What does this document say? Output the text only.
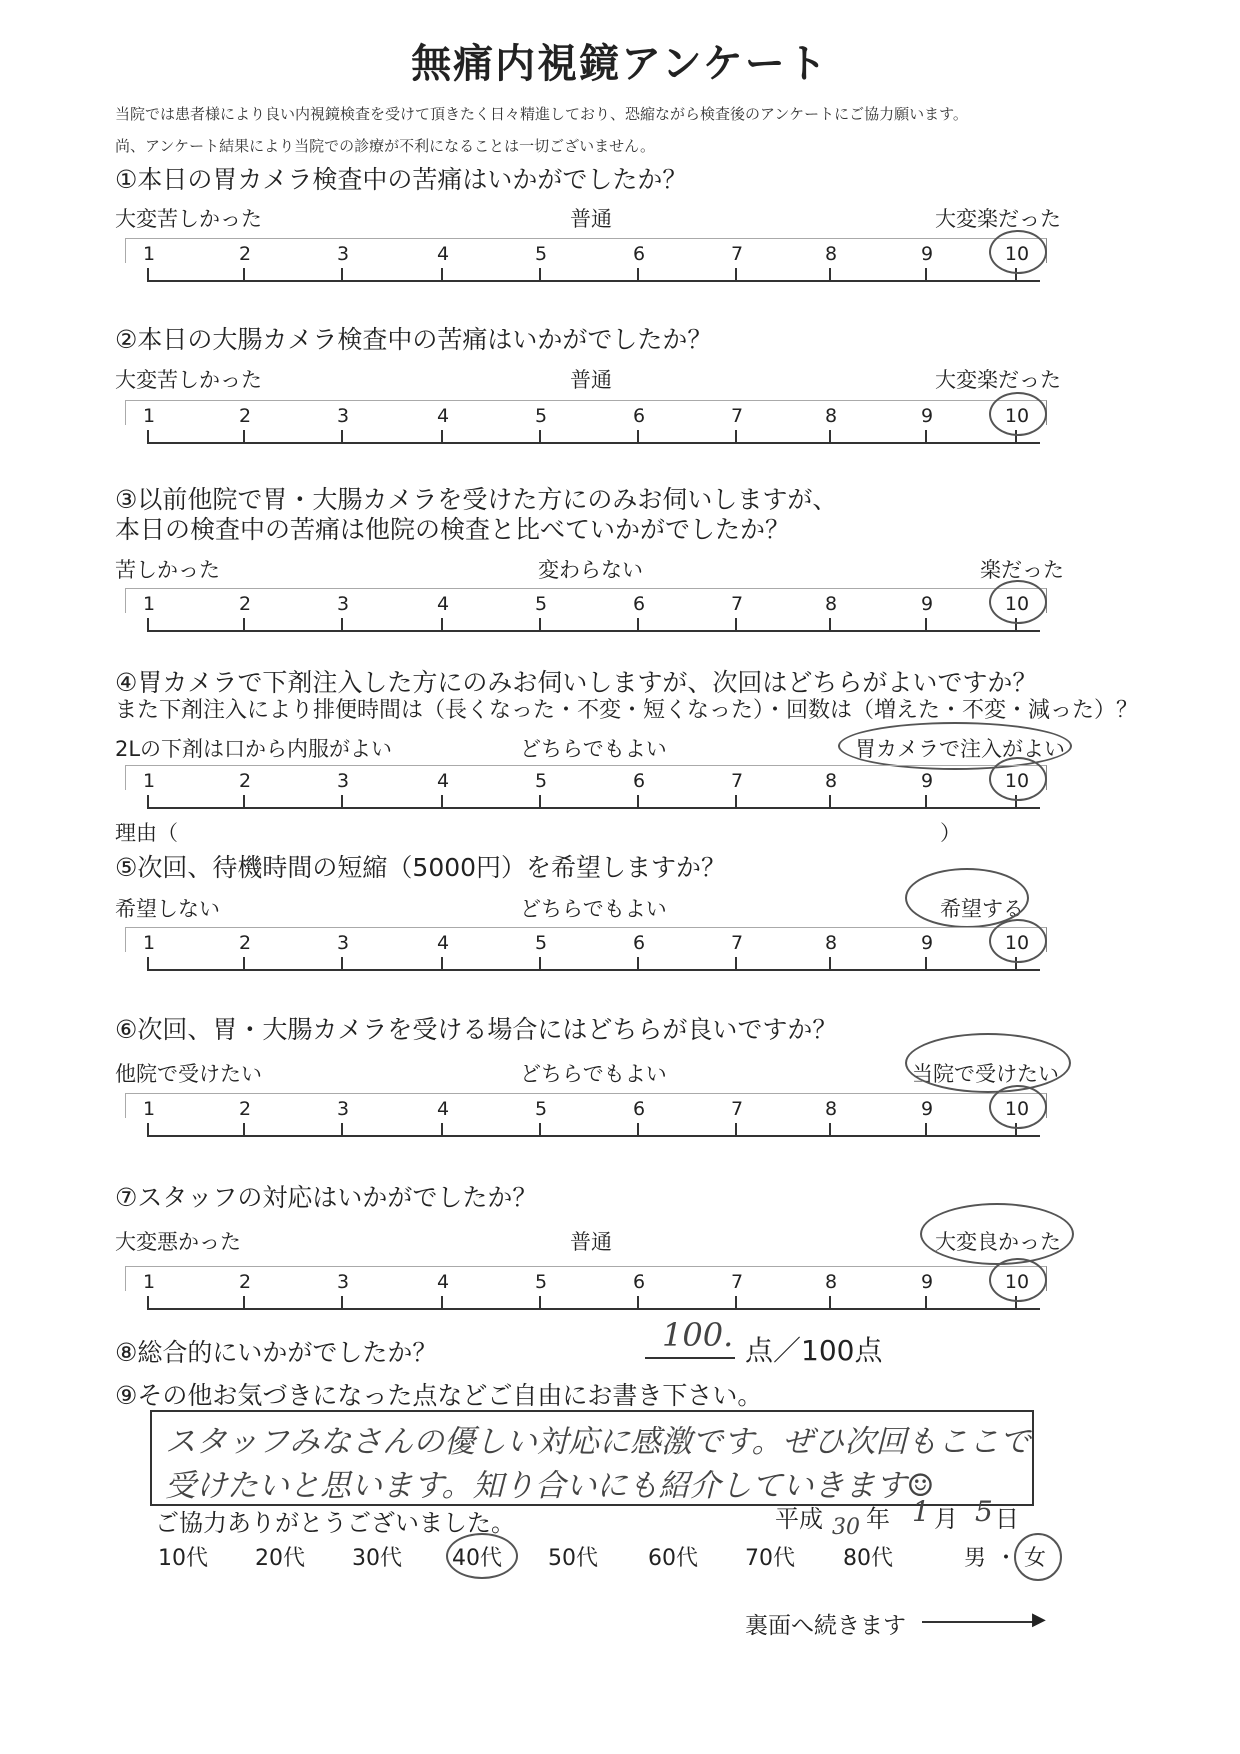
無痛内視鏡アンケート
当院では患者様により良い内視鏡検査を受けて頂きたく日々精進しており、恐縮ながら検査後のアンケートにご協力願います。
尚、アンケート結果により当院での診療が不利になることは一切ございません。
①本日の胃カメラ検査中の苦痛はいかがでしたか？
大変苦しかった	普通	大変楽だった
1	2	3	4	5	6	7	8	9	10
②本日の大腸カメラ検査中の苦痛はいかがでしたか？
大変苦しかった	普通	大変楽だった
1	2	3	4	5	6	7	8	9	10
③以前他院で胃・大腸カメラを受けた方にのみお伺いしますが、
本日の検査中の苦痛は他院の検査と比べていかがでしたか？
苦しかった	変わらない	楽だった
1	2	3	4	5	6	7	8	9	10
④胃カメラで下剤注入した方にのみお伺いしますが、次回はどちらがよいですか？
また下剤注入により排便時間は（長くなった・不変・短くなった）・回数は（増えた・不変・減った）？
2Lの下剤は口から内服がよい	どちらでもよい	胃カメラで注入がよい
1	2	3	4	5	6	7	8	9	10
理由（	）
⑤次回、待機時間の短縮（5000円）を希望しますか？
希望しない	どちらでもよい	希望する
1	2	3	4	5	6	7	8	9	10
⑥次回、胃・大腸カメラを受ける場合にはどちらが良いですか？
他院で受けたい	どちらでもよい	当院で受けたい
1	2	3	4	5	6	7	8	9	10
⑦スタッフの対応はいかがでしたか？
大変悪かった	普通	大変良かった
1	2	3	4	5	6	7	8	9	10
⑧総合的にいかがでしたか？	100. 点／100点
⑨その他お気づきになった点などご自由にお書き下さい。
スタッフみなさんの優しい対応に感激です。ぜひ次回もここで
受けたいと思います。知り合いにも紹介していきます☺
ご協力ありがとうございました。	平成 30 年 1 月 5 日
10代 20代 30代 40代 50代 60代 70代 80代	男 ・ 女
裏面へ続きます	▶
